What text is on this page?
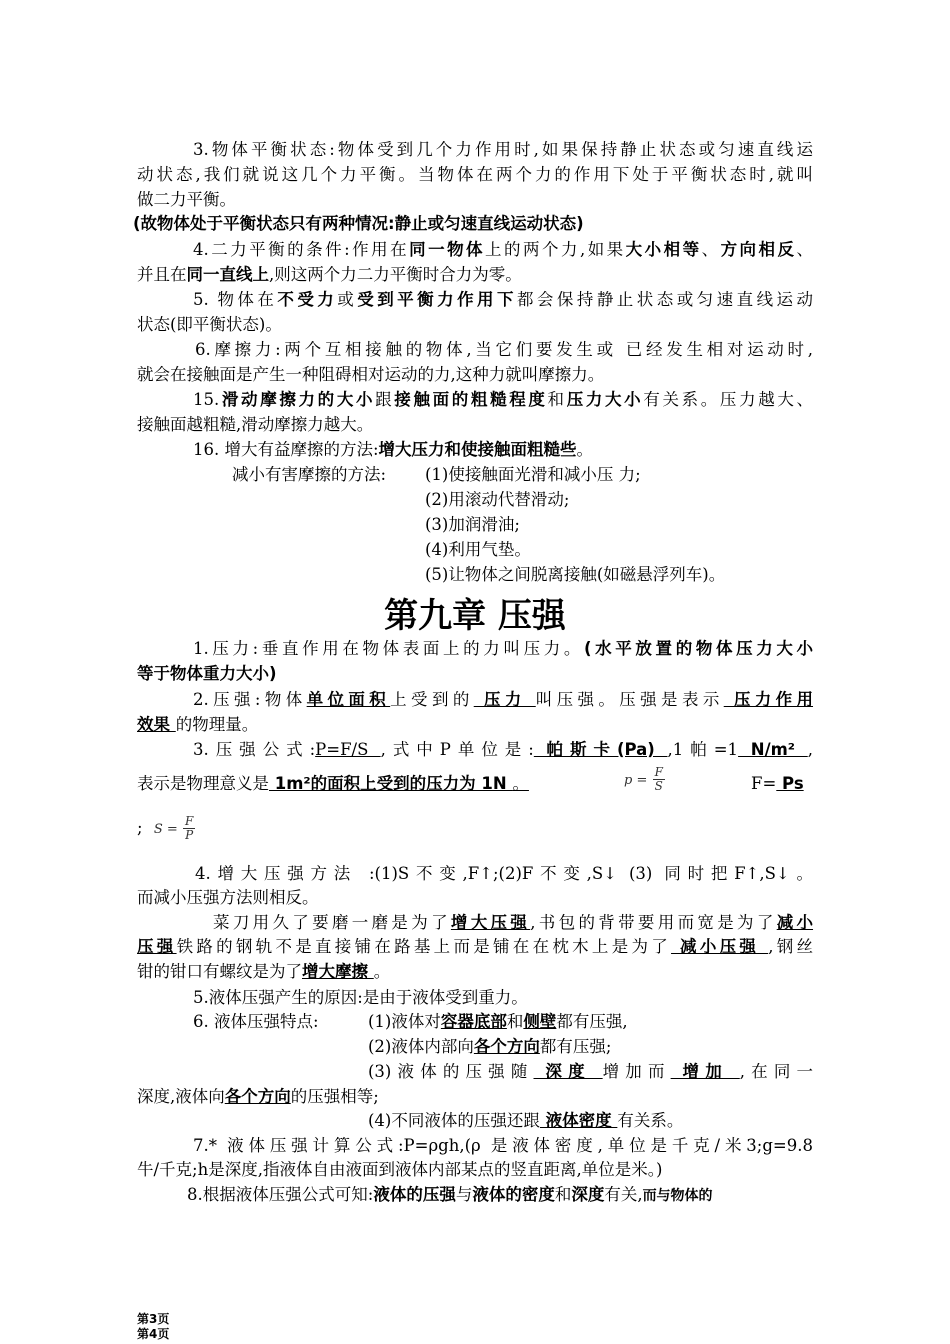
3.物体平衡状态:物体受到几个力作用时,如果保持静止状态或匀速直线运
动状态,我们就说这几个力平衡。当物体在两个力的作用下处于平衡状态时,就叫
做二力平衡。
(故物体处于平衡状态只有两种情况:静止或匀速直线运动状态)
4.二力平衡的条件:作用在同一物体上的两个力,如果大小相等、方向相反、
并且在同一直线上,则这两个力二力平衡时合力为零。
5. 物体在不受力或受到平衡力作用下都会保持静止状态或匀速直线运动
状态(即平衡状态)。
6.摩擦力:两个互相接触的物体,当它们要发生或 已经发生相对运动时,
就会在接触面是产生一种阻碍相对运动的力,这种力就叫摩擦力。
15.滑动摩擦力的大小跟接触面的粗糙程度和压力大小有关系。压力越大、
接触面越粗糙,滑动摩擦力越大。
16. 增大有益摩擦的方法:增大压力和使接触面粗糙些。
减小有害摩擦的方法: (1)使接触面光滑和减小压 力;
(2)用滚动代替滑动;
(3)加润滑油;
(4)利用气垫。
(5)让物体之间脱离接触(如磁悬浮列车)。
第九章 压强
1.压力:垂直作用在物体表面上的力叫压力。(水平放置的物体压力大小
等于物体重力大小)
2.压强:物体单位面积上受到的 压力 叫压强。压强是表示 压力作用
效果 的物理量。
3.压强公式:P=F/S ,式中P单位是: 帕斯卡(Pa) ,1帕=1 N/m² ,
表示是物理意义是 1m²的面积上受到的压力为 1N 。	$p = \frac{F}{S}$	F= Ps
; $S = \frac{F}{P}$
4.增大压强方法 :(1)S不变,F↑;(2)F不变,S↓ (3) 同时把F↑,S↓。
而减小压强方法则相反。
菜刀用久了要磨一磨是为了增大压强,书包的背带要用而宽是为了减小
压强铁路的钢轨不是直接铺在路基上而是铺在在枕木上是为了 减小压强 ,钢丝
钳的钳口有螺纹是为了增大摩擦 。
5.液体压强产生的原因:是由于液体受到重力。
6. 液体压强特点:	(1)液体对容器底部和侧壁都有压强,
(2)液体内部向各个方向都有压强;
(3)液体的压强随 深度 增加而 增加 ,在同一
深度,液体向各个方向的压强相等;
(4)不同液体的压强还跟 液体密度 有关系。
7.* 液体压强计算公式:P=ρgh,(ρ 是液体密度,单位是千克/米3;g=9.8
牛/千克;h是深度,指液体自由液面到液体内部某点的竖直距离,单位是米。)
8.根据液体压强公式可知:液体的压强与液体的密度和深度有关,而与物体的
第3页
第4页
